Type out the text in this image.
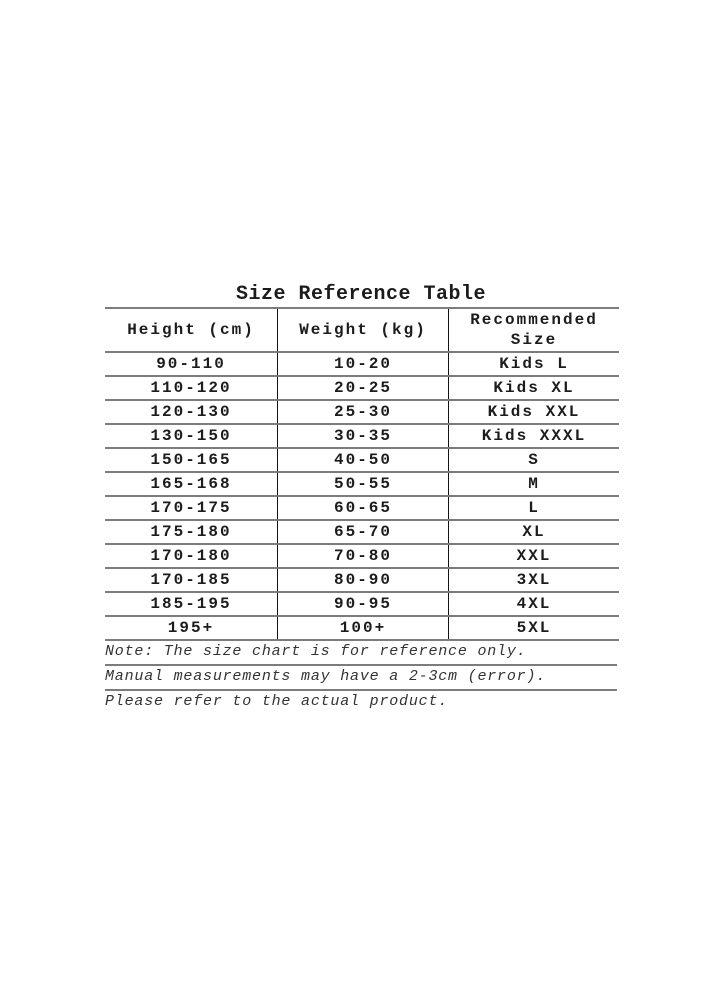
Size Reference Table
Height (cm)	Weight (kg)	Recommended Size
90-110	10-20	Kids L
110-120	20-25	Kids XL
120-130	25-30	Kids XXL
130-150	30-35	Kids XXXL
150-165	40-50	S
165-168	50-55	M
170-175	60-65	L
175-180	65-70	XL
170-180	70-80	XXL
170-185	80-90	3XL
185-195	90-95	4XL
195+	100+	5XL
Note: The size chart is for reference only.
Manual measurements may have a 2-3cm (error).
Please refer to the actual product.
